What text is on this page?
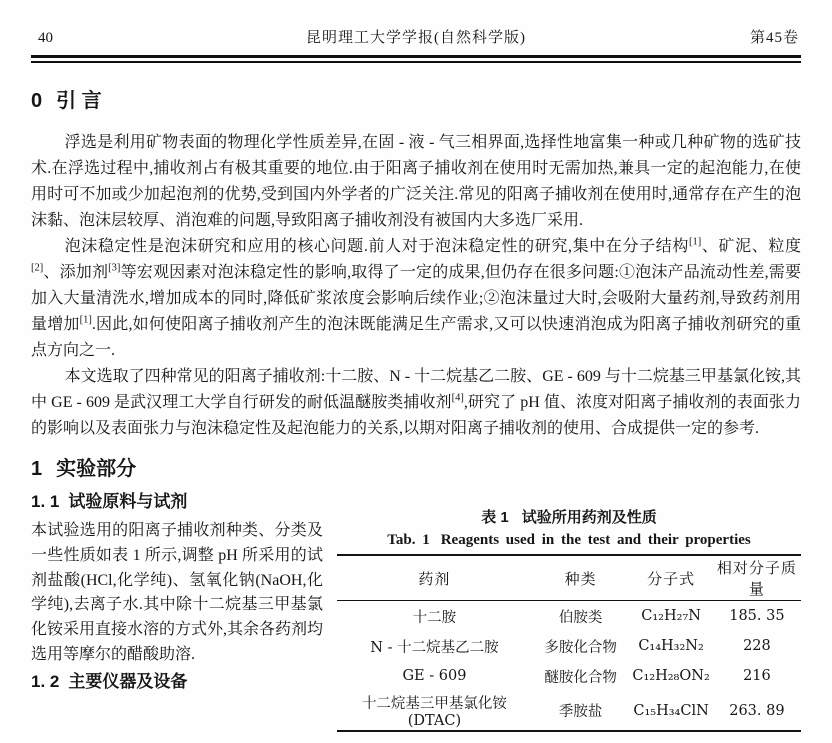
40	昆明理工大学学报(自然科学版)	第45卷
0 引 言

浮选是利用矿物表面的物理化学性质差异,在固 - 液 - 气三相界面,选择性地富集一种或几种矿物的选矿技术.在浮选过程中,捕收剂占有极其重要的地位.由于阳离子捕收剂在使用时无需加热,兼具一定的起泡能力,在使用时可不加或少加起泡剂的优势,受到国内外学者的广泛关注.常见的阳离子捕收剂在使用时,通常存在产生的泡沫黏、泡沫层较厚、消泡难的问题,导致阳离子捕收剂没有被国内大多选厂采用.

泡沫稳定性是泡沫研究和应用的核心问题.前人对于泡沫稳定性的研究,集中在分子结构[1]、矿泥、粒度[2]、添加剂[3]等宏观因素对泡沫稳定性的影响,取得了一定的成果,但仍存在很多问题:①泡沫产品流动性差,需要加入大量清洗水,增加成本的同时,降低矿浆浓度会影响后续作业;②泡沫量过大时,会吸附大量药剂,导致药剂用量增加[1].因此,如何使阳离子捕收剂产生的泡沫既能满足生产需求,又可以快速消泡成为阳离子捕收剂研究的重点方向之一.

本文选取了四种常见的阳离子捕收剂:十二胺、N - 十二烷基乙二胺、GE - 609 与十二烷基三甲基氯化铵,其中 GE - 609 是武汉理工大学自行研发的耐低温醚胺类捕收剂[4],研究了 pH 值、浓度对阳离子捕收剂的表面张力的影响以及表面张力与泡沫稳定性及起泡能力的关系,以期对阳离子捕收剂的使用、合成提供一定的参考.

1 实验部分
1. 1 试验原料与试剂

本试验选用的阳离子捕收剂种类、分类及一些性质如表 1 所示,调整 pH 所采用的试剂盐酸(HCl,化学纯)、氢氧化钠(NaOH,化学纯),去离子水.其中除十二烷基三甲基氯化铵采用直接水溶的方式外,其余各药剂均选用等摩尔的醋酸助溶.

1. 2 主要仪器及设备
表 1 试验所用药剂及性质
Tab. 1 Reagents used in the test and their properties
药剂	种类	分子式	相对分子质量
十二胺	伯胺类	C₁₂H₂₇N	185. 35
N - 十二烷基乙二胺	多胺化合物	C₁₄H₃₂N₂	228
GE - 609	醚胺化合物	C₁₂H₂₈ON₂	216
十二烷基三甲基氯化铵(DTAC)	季胺盐	C₁₅H₃₄ClN	263. 89
